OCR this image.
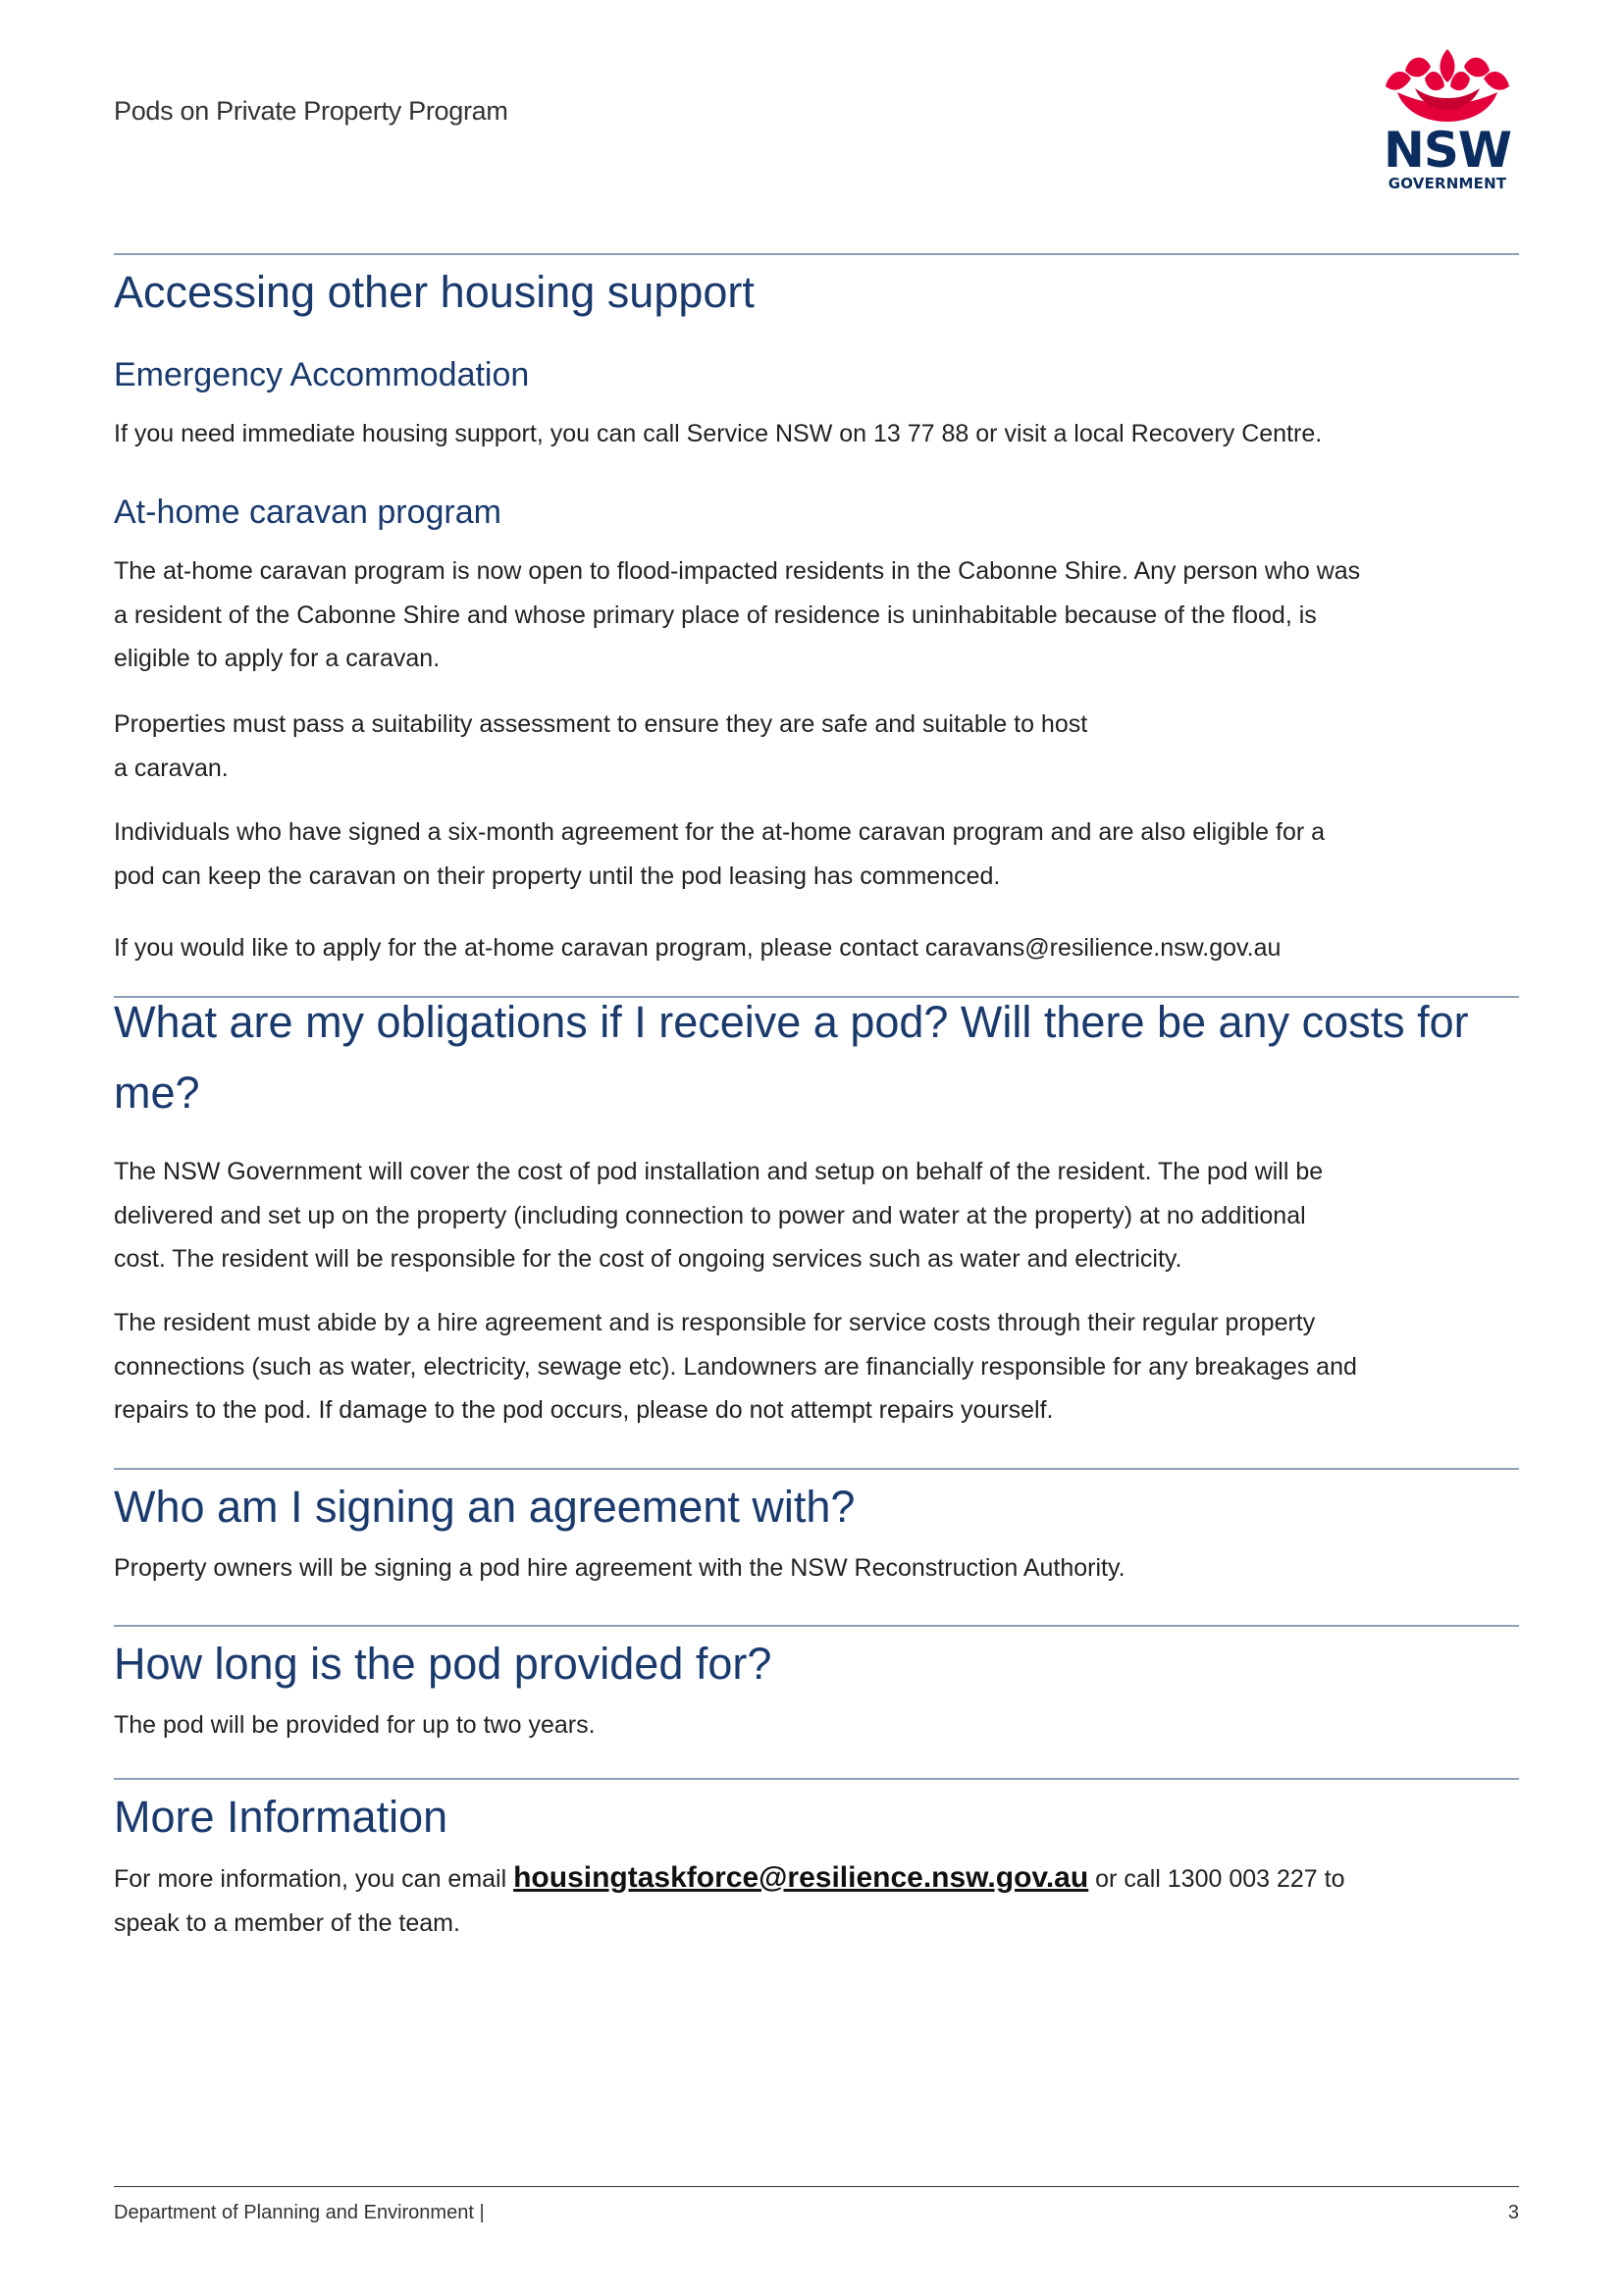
Pods on Private Property Program
NSW
GOVERNMENT
Accessing other housing support
Emergency Accommodation

If you need immediate housing support, you can call Service NSW on 13 77 88 or visit a local Recovery Centre.

At-home caravan program
The at-home caravan program is now open to flood-impacted residents in the Cabonne Shire. Any person who was
a resident of the Cabonne Shire and whose primary place of residence is uninhabitable because of the flood, is
eligible to apply for a caravan.
Properties must pass a suitability assessment to ensure they are safe and suitable to host
a caravan.
Individuals who have signed a six-month agreement for the at-home caravan program and are also eligible for a
pod can keep the caravan on their property until the pod leasing has commenced.

If you would like to apply for the at-home caravan program, please contact caravans@resilience.nsw.gov.au

What are my obligations if I receive a pod? Will there be any costs for
me?
The NSW Government will cover the cost of pod installation and setup on behalf of the resident. The pod will be
delivered and set up on the property (including connection to power and water at the property) at no additional
cost. The resident will be responsible for the cost of ongoing services such as water and electricity.
The resident must abide by a hire agreement and is responsible for service costs through their regular property
connections (such as water, electricity, sewage etc). Landowners are financially responsible for any breakages and
repairs to the pod. If damage to the pod occurs, please do not attempt repairs yourself.
Who am I signing an agreement with?

Property owners will be signing a pod hire agreement with the NSW Reconstruction Authority.

How long is the pod provided for?

The pod will be provided for up to two years.

More Information
For more information, you can email housingtaskforce@resilience.nsw.gov.au or call 1300 003 227 to
speak to a member of the team.
Department of Planning and Environment |	3
